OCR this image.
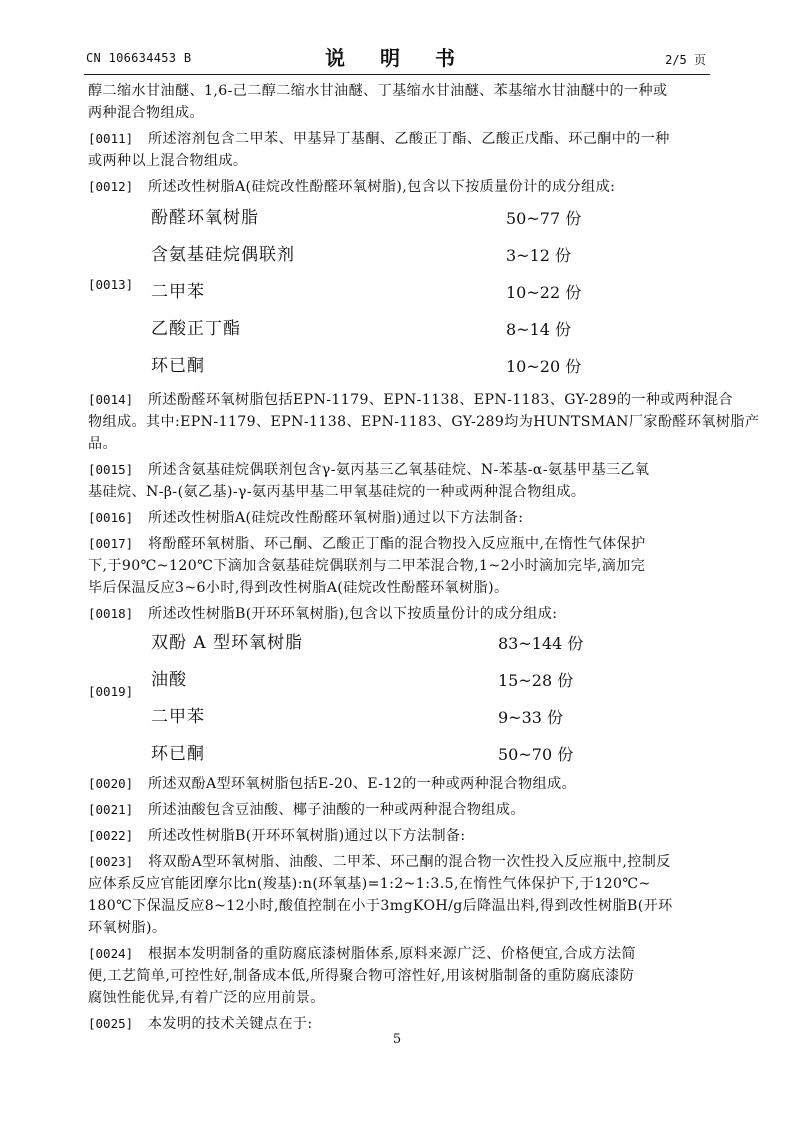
CN 106634453 B	说 明 书	2/5 页
醇二缩水甘油醚、1,6-己二醇二缩水甘油醚、丁基缩水甘油醚、苯基缩水甘油醚中的一种或
两种混合物组成。
[0011]	所述溶剂包含二甲苯、甲基异丁基酮、乙酸正丁酯、乙酸正戊酯、环己酮中的一种
或两种以上混合物组成。
[0012]	所述改性树脂A(硅烷改性酚醛环氧树脂),包含以下按质量份计的成分组成:
[0013]
酚醛环氧树脂	50~77 份
含氨基硅烷偶联剂	3~12 份
二甲苯	10~22 份
乙酸正丁酯	8~14 份
环已酮	10~20 份
[0014]	所述酚醛环氧树脂包括EPN-1179、EPN-1138、EPN-1183、GY-289的一种或两种混合
物组成。其中:EPN-1179、EPN-1138、EPN-1183、GY-289均为HUNTSMAN厂家酚醛环氧树脂产
品。
[0015]	所述含氨基硅烷偶联剂包含γ-氨丙基三乙氧基硅烷、N-苯基-α-氨基甲基三乙氧
基硅烷、N-β-(氨乙基)-γ-氨丙基甲基二甲氧基硅烷的一种或两种混合物组成。
[0016]	所述改性树脂A(硅烷改性酚醛环氧树脂)通过以下方法制备:
[0017]	将酚醛环氧树脂、环己酮、乙酸正丁酯的混合物投入反应瓶中,在惰性气体保护
下,于90℃~120℃下滴加含氨基硅烷偶联剂与二甲苯混合物,1~2小时滴加完毕,滴加完
毕后保温反应3~6小时,得到改性树脂A(硅烷改性酚醛环氧树脂)。
[0018]	所述改性树脂B(开环环氧树脂),包含以下按质量份计的成分组成:
[0019]
双酚 A 型环氧树脂	83~144 份
油酸	15~28 份
二甲苯	9~33 份
环已酮	50~70 份
[0020]	所述双酚A型环氧树脂包括E-20、E-12的一种或两种混合物组成。
[0021]	所述油酸包含豆油酸、椰子油酸的一种或两种混合物组成。
[0022]	所述改性树脂B(开环环氧树脂)通过以下方法制备:
[0023]	将双酚A型环氧树脂、油酸、二甲苯、环己酮的混合物一次性投入反应瓶中,控制反
应体系反应官能团摩尔比n(羧基):n(环氧基)=1:2~1:3.5,在惰性气体保护下,于120℃~
180℃下保温反应8~12小时,酸值控制在小于3mgKOH/g后降温出料,得到改性树脂B(开环
环氧树脂)。
[0024]	根据本发明制备的重防腐底漆树脂体系,原料来源广泛、价格便宜,合成方法简
便,工艺简单,可控性好,制备成本低,所得聚合物可溶性好,用该树脂制备的重防腐底漆防
腐蚀性能优异,有着广泛的应用前景。
[0025]	本发明的技术关键点在于:
5
